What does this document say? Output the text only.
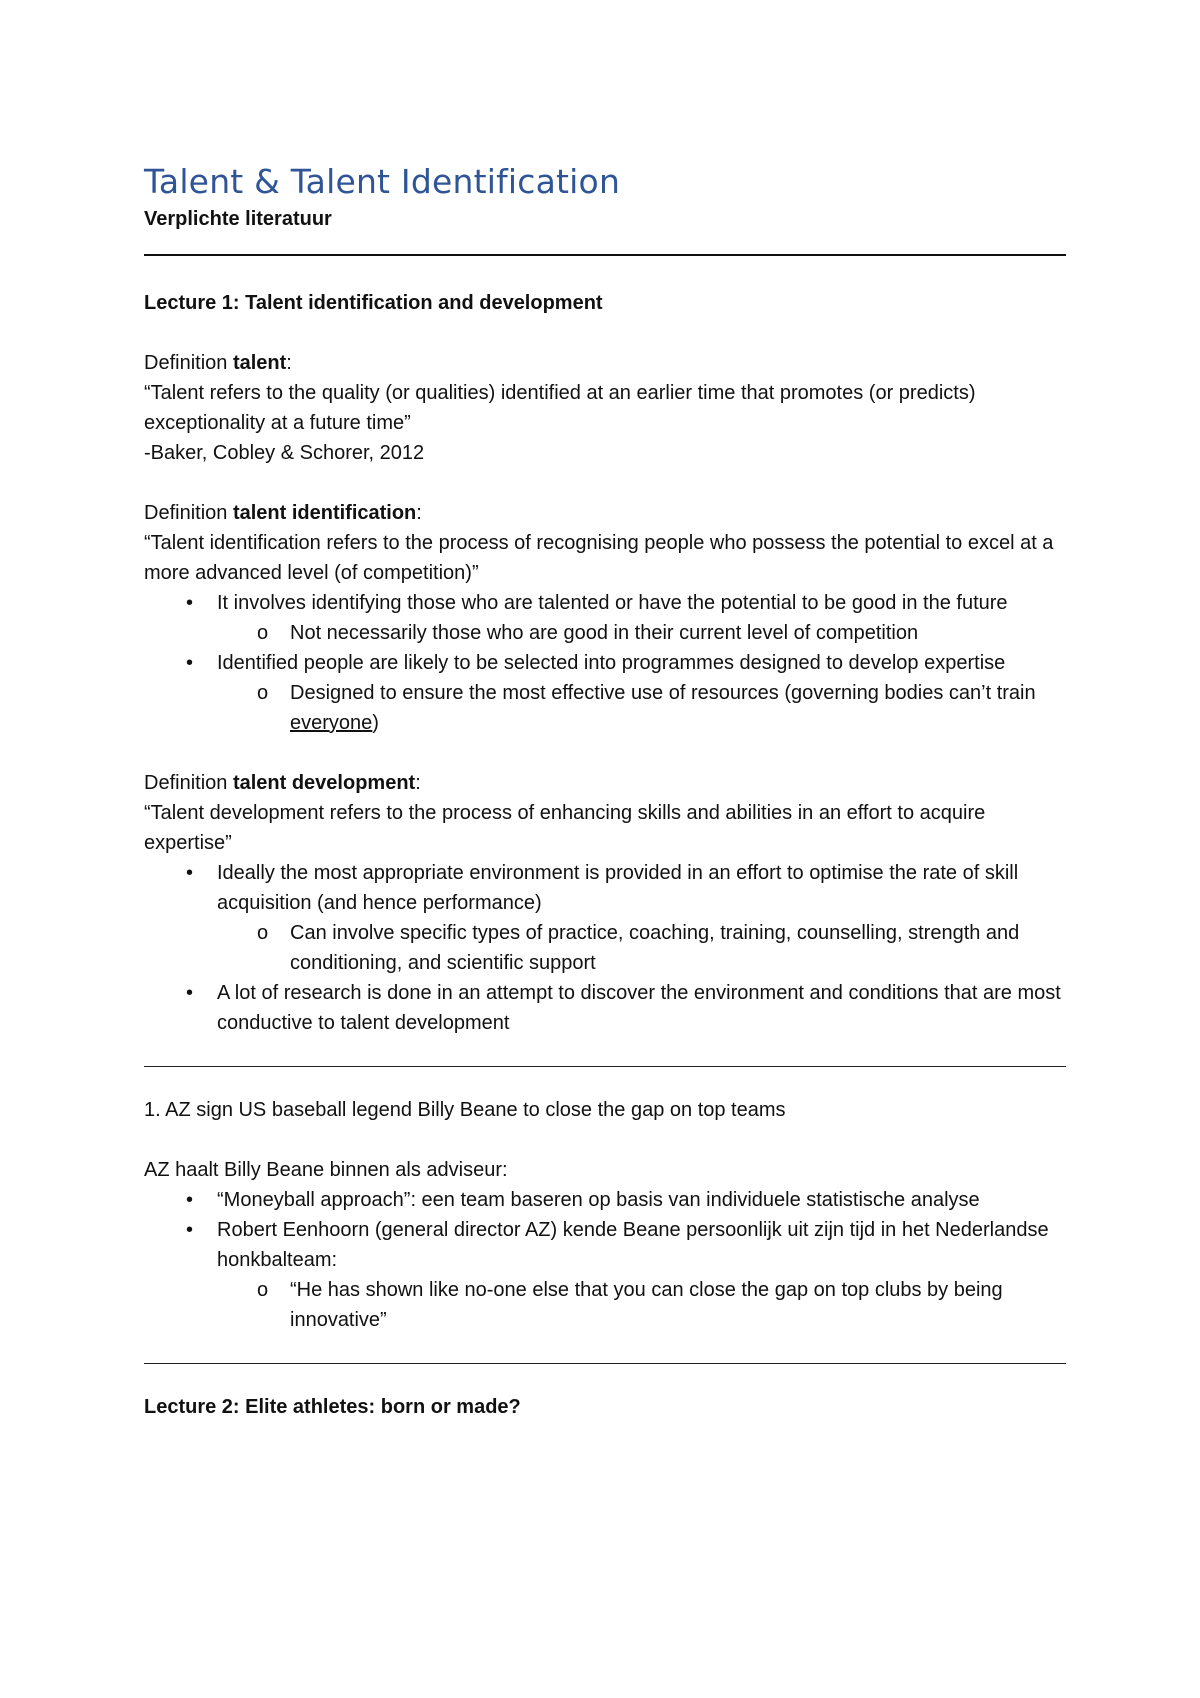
Talent & Talent Identification

Verplichte literatuur

Lecture 1: Talent identification and development

Definition talent:

“Talent refers to the quality (or qualities) identified at an earlier time that promotes (or predicts) exceptionality at a future time”

-Baker, Cobley & Schorer, 2012

Definition talent identification:

“Talent identification refers to the process of recognising people who possess the potential to excel at a more advanced level (of competition)”

• It involves identifying those who are talented or have the potential to be good in the future
o Not necessarily those who are good in their current level of competition
• Identified people are likely to be selected into programmes designed to develop expertise
o Designed to ensure the most effective use of resources (governing bodies can’t train everyone)

Definition talent development:

“Talent development refers to the process of enhancing skills and abilities in an effort to acquire expertise”

• Ideally the most appropriate environment is provided in an effort to optimise the rate of skill acquisition (and hence performance)
o Can involve specific types of practice, coaching, training, counselling, strength and conditioning, and scientific support
• A lot of research is done in an attempt to discover the environment and conditions that are most conductive to talent development

1. AZ sign US baseball legend Billy Beane to close the gap on top teams

AZ haalt Billy Beane binnen als adviseur:

• “Moneyball approach”: een team baseren op basis van individuele statistische analyse
• Robert Eenhoorn (general director AZ) kende Beane persoonlijk uit zijn tijd in het Nederlandse honkbalteam:
o “He has shown like no-one else that you can close the gap on top clubs by being innovative”

Lecture 2: Elite athletes: born or made?
